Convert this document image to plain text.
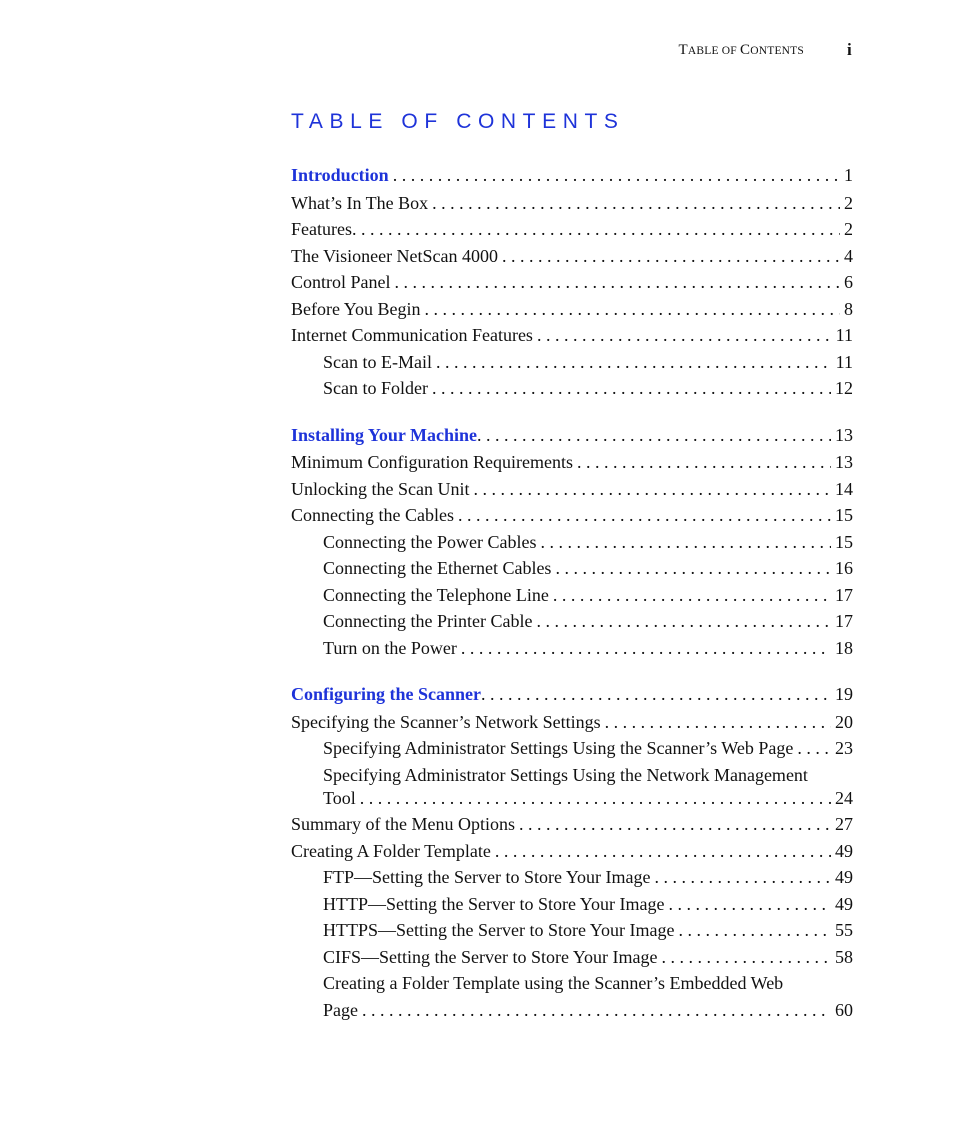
TABLE OF CONTENTS	i
TABLE OF CONTENTS
Introduction . . .	1
What’s In The Box . . .	2
Features . . .	2
The Visioneer NetScan 4000 . . .	4
Control Panel . . .	6
Before You Begin . . .	8
Internet Communication Features . . .	11
Scan to E-Mail . . .	11
Scan to Folder . . .	12
Installing Your Machine . . .	13
Minimum Configuration Requirements . . .	13
Unlocking the Scan Unit . . .	14
Connecting the Cables . . .	15
Connecting the Power Cables . . .	15
Connecting the Ethernet Cables . . .	16
Connecting the Telephone Line . . .	17
Connecting the Printer Cable . . .	17
Turn on the Power . . .	18
Configuring the Scanner . . .	19
Specifying the Scanner’s Network Settings . . .	20
Specifying Administrator Settings Using the Scanner’s Web Page . . . 23
Specifying Administrator Settings Using the Network Management
Tool . . .	24
Summary of the Menu Options . . .	27
Creating A Folder Template . . .	49
FTP—Setting the Server to Store Your Image . . .	49
HTTP—Setting the Server to Store Your Image . . .	49
HTTPS—Setting the Server to Store Your Image . . .	55
CIFS—Setting the Server to Store Your Image . . .	58
Creating a Folder Template using the Scanner’s Embedded Web
Page . . .	60
